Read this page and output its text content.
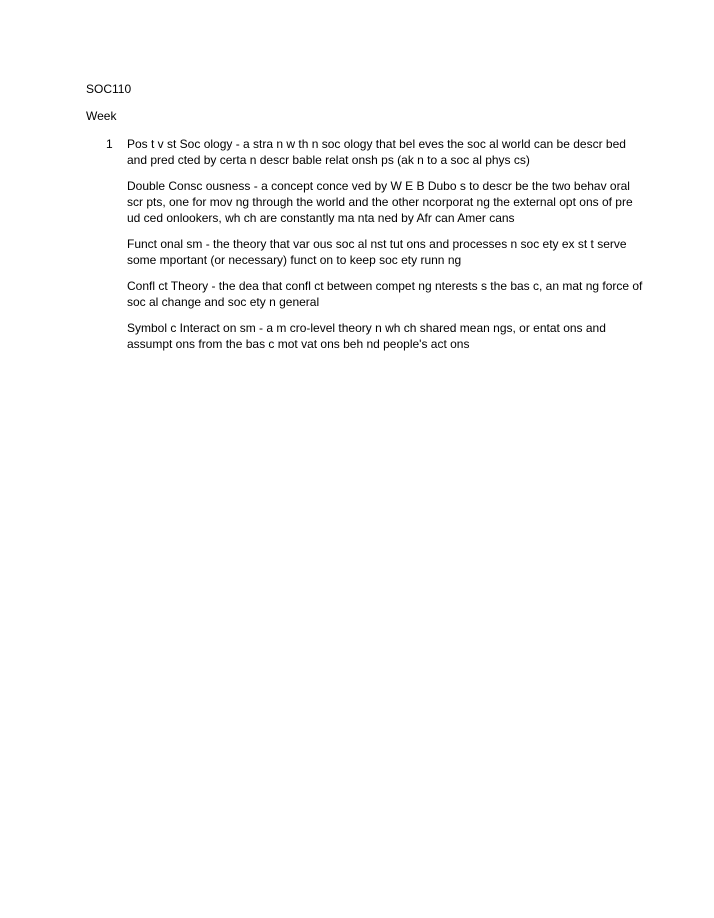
SOC110
Week
1 Pos t v st Soc ology - a stra n w th n soc ology that bel eves the soc al world can be descr bed and pred cted by certa n descr bable relat onsh ps (ak n to a soc al phys cs)

Double Consc ousness - a concept conce ved by W E B Dubo s to descr be the two behav oral scr pts, one for mov ng through the world and the other ncorporat ng the external opt ons of pre ud ced onlookers, wh ch are constantly ma nta ned by Afr can Amer cans

Funct onal sm - the theory that var ous soc al nst tut ons and processes n soc ety ex st t serve some mportant (or necessary) funct on to keep soc ety runn ng

Confl ct Theory - the dea that confl ct between compet ng nterests s the bas c, an mat ng force of soc al change and soc ety n general

Symbol c Interact on sm - a m cro-level theory n wh ch shared mean ngs, or entat ons and assumpt ons from the bas c mot vat ons beh nd people's act ons
